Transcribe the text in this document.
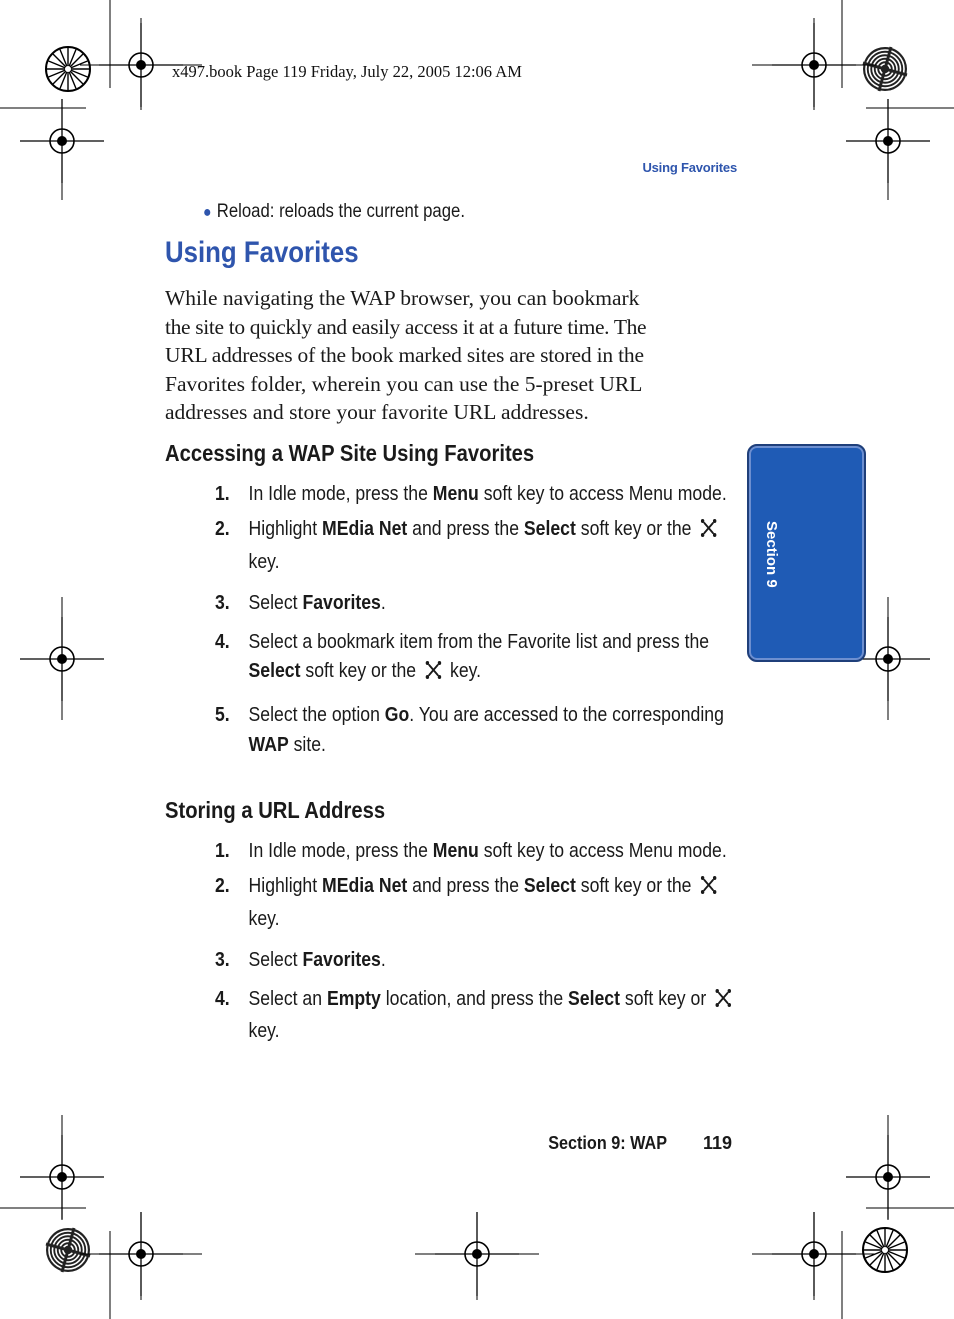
x497.book Page 119 Friday, July 22, 2005 12:06 AM
Using Favorites
● Reload: reloads the current page.
Using Favorites
While navigating the WAP browser, you can bookmark
the site to quickly and easily access it at a future time. The
URL addresses of the book marked sites are stored in the
Favorites folder, wherein you can use the 5-preset URL
addresses and store your favorite URL addresses.
Accessing a WAP Site Using Favorites
1. In Idle mode, press the Menu soft key to access Menu mode.
2. Highlight MEdia Net and press the Select soft key or the  key.
3. Select Favorites.
4. Select a bookmark item from the Favorite list and press the Select soft key or the  key.
5. Select the option Go. You are accessed to the corresponding WAP site.
Storing a URL Address
1. In Idle mode, press the Menu soft key to access Menu mode.
2. Highlight MEdia Net and press the Select soft key or the  key.
3. Select Favorites.
4. Select an Empty location, and press the Select soft key or  key.
Section 9
Section 9: WAP 119
